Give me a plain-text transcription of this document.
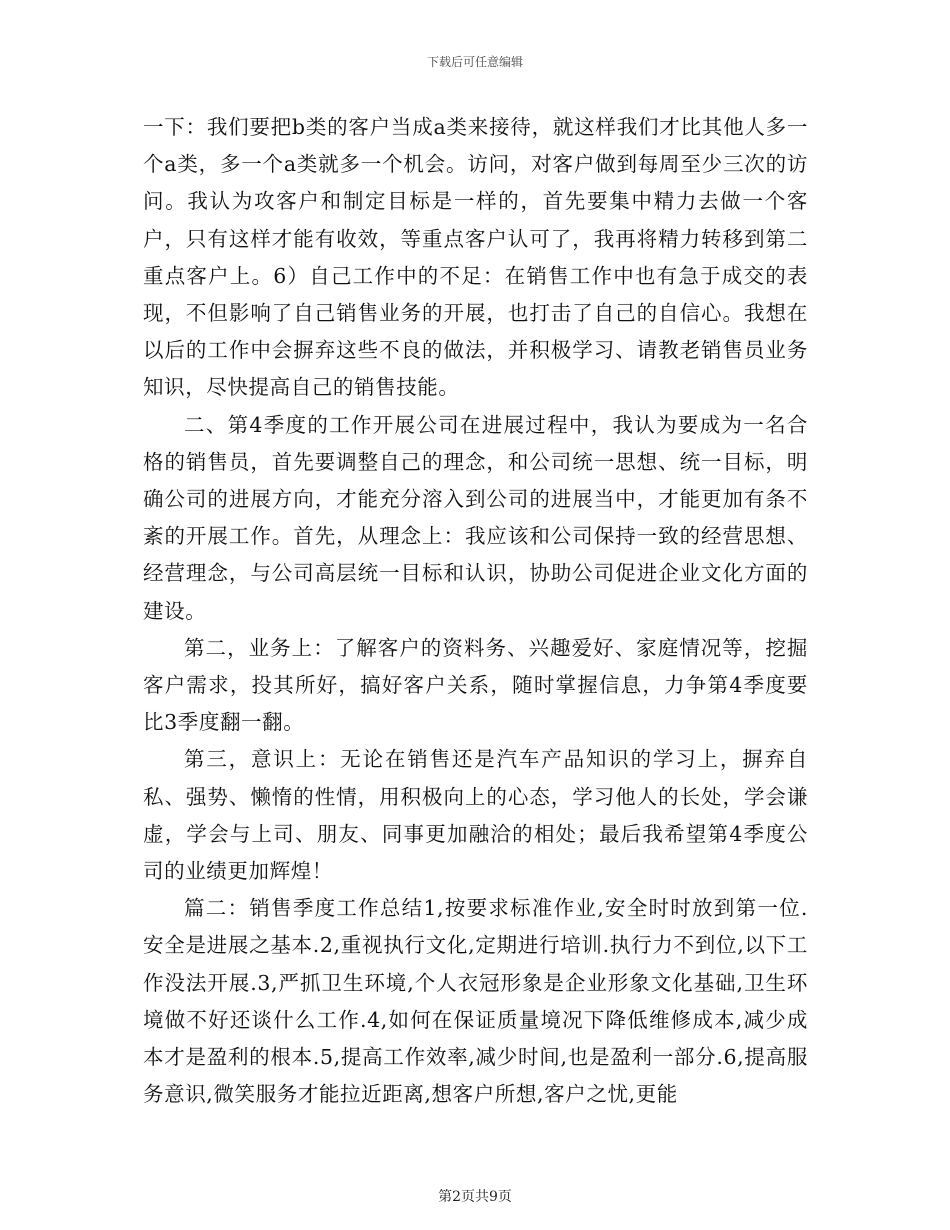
下载后可任意编辑

一下：我们要把b类的客户当成a类来接待，就这样我们才比其他人多一个a类，多一个a类就多一个机会。访问，对客户做到每周至少三次的访问。我认为攻客户和制定目标是一样的，首先要集中精力去做一个客户，只有这样才能有收效，等重点客户认可了，我再将精力转移到第二重点客户上。6）自己工作中的不足：在销售工作中也有急于成交的表现，不但影响了自己销售业务的开展，也打击了自己的自信心。我想在以后的工作中会摒弃这些不良的做法，并积极学习、请教老销售员业务知识，尽快提高自己的销售技能。

二、第4季度的工作开展公司在进展过程中，我认为要成为一名合格的销售员，首先要调整自己的理念，和公司统一思想、统一目标，明确公司的进展方向，才能充分溶入到公司的进展当中，才能更加有条不紊的开展工作。首先，从理念上：我应该和公司保持一致的经营思想、经营理念，与公司高层统一目标和认识，协助公司促进企业文化方面的建设。

第二，业务上：了解客户的资料务、兴趣爱好、家庭情况等，挖掘客户需求，投其所好，搞好客户关系，随时掌握信息，力争第4季度要比3季度翻一翻。

第三，意识上：无论在销售还是汽车产品知识的学习上，摒弃自私、强势、懒惰的性情，用积极向上的心态，学习他人的长处，学会谦虚，学会与上司、朋友、同事更加融洽的相处；最后我希望第4季度公司的业绩更加辉煌！

篇二：销售季度工作总结1,按要求标准作业,安全时时放到第一位.安全是进展之基本.2,重视执行文化,定期进行培训.执行力不到位,以下工作没法开展.3,严抓卫生环境,个人衣冠形象是企业形象文化基础,卫生环境做不好还谈什么工作.4,如何在保证质量境况下降低维修成本,减少成本才是盈利的根本.5,提高工作效率,减少时间,也是盈利一部分.6,提高服务意识,微笑服务才能拉近距离,想客户所想,客户之忧,更能

第2页共9页
